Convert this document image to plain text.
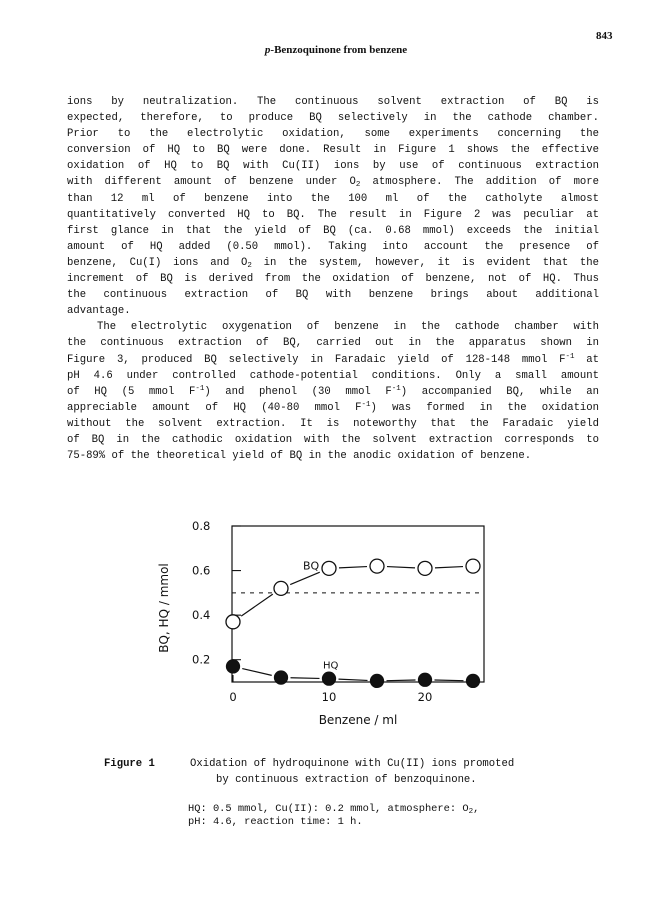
843
p-Benzoquinone from benzene
ions by neutralization. The continuous solvent extraction of BQ is
expected, therefore, to produce BQ selectively in the cathode chamber.
Prior to the electrolytic oxidation, some experiments concerning the
conversion of HQ to BQ were done. Result in Figure 1 shows the effective
oxidation of HQ to BQ with Cu(II) ions by use of continuous extraction
with different amount of benzene under $O_2$ atmosphere. The addition of more
than 12 ml of benzene into the 100 ml of the catholyte almost
quantitatively converted HQ to BQ. The result in Figure 2 was peculiar at
first glance in that the yield of BQ (ca. 0.68 mmol) exceeds the initial
amount of HQ added (0.50 mmol). Taking into account the presence of
benzene, Cu(I) ions and $O_2$ in the system, however, it is evident that the
increment of BQ is derived from the oxidation of benzene, not of HQ. Thus
the continuous extraction of BQ with benzene brings about additional
advantage.
The electrolytic oxygenation of benzene in the cathode chamber with
the continuous extraction of BQ, carried out in the apparatus shown in
Figure 3, produced BQ selectively in Faradaic yield of 128-148 mmol $F^{-1}$ at
pH 4.6 under controlled cathode-potential conditions. Only a small amount
of HQ (5 mmol $F^{-1}$) and phenol (30 mmol $F^{-1}$) accompanied BQ, while an
appreciable amount of HQ (40-80 mmol $F^{-1}$) was formed in the oxidation
without the solvent extraction. It is noteworthy that the Faradaic yield
of BQ in the cathodic oxidation with the solvent extraction corresponds to
75-89% of the theoretical yield of BQ in the anodic oxidation of benzene.
0.8
0.6
0.4
0.2
0	10	20
BQ
HQ
Benzene / ml
BQ, HQ / mmol
Figure 1	Oxidation of hydroquinone with Cu(II) ions promoted
by continuous extraction of benzoquinone.
HQ: 0.5 mmol, Cu(II): 0.2 mmol, atmosphere: $O_2$,
pH: 4.6, reaction time: 1 h.
